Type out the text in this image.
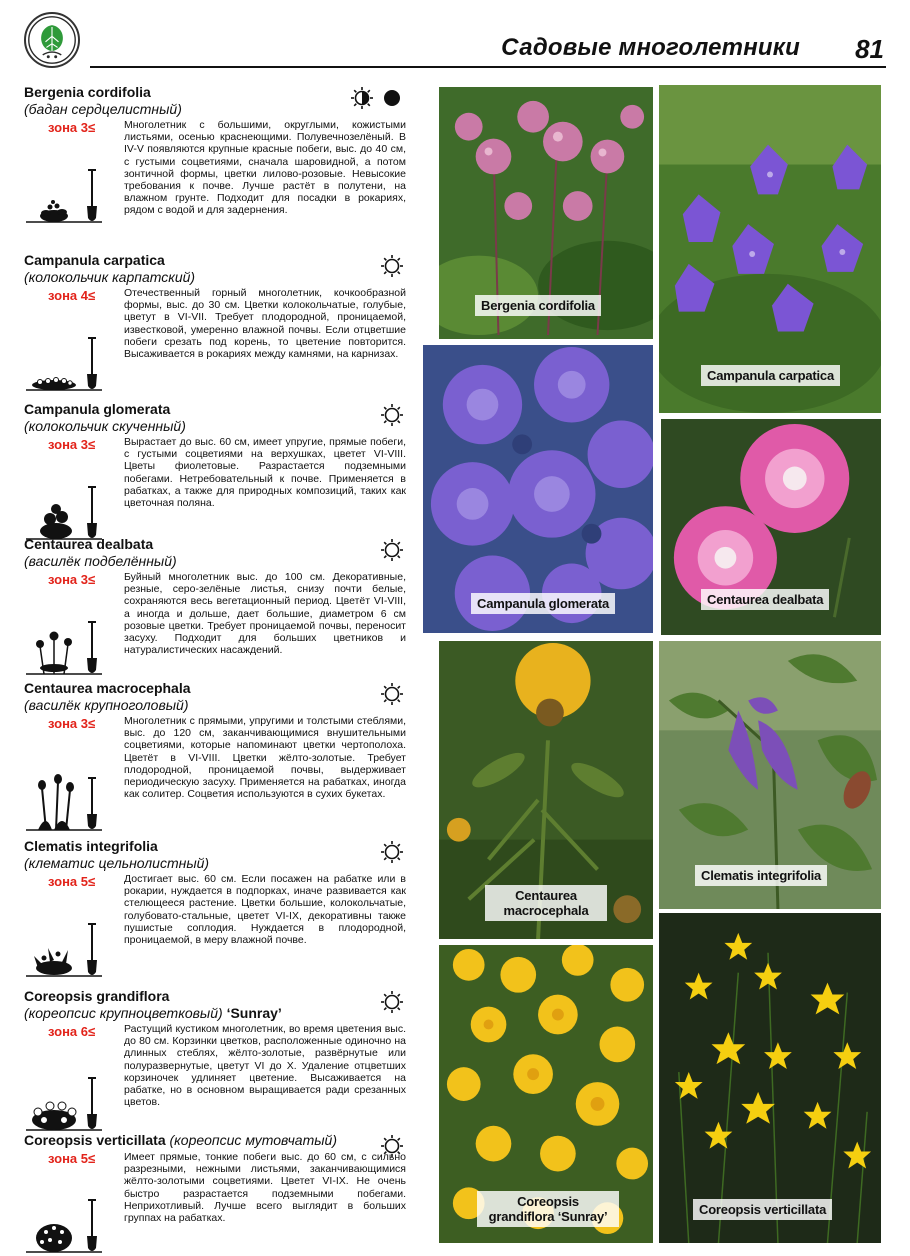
Садовые многолетники 81
Bergenia cordifolia
(бадан сердцелистный)
зона 3≤	Многолетник с большими, округлыми, кожистыми листьями, осенью краснеющими. Полувечнозелёный. В IV-V появляются крупные красные побеги, выс. до 40 см, с густыми соцветиями, сначала шаровидной, а потом зонтичной формы, цветки лилово-розовые. Невысокие требования к почве. Лучше растёт в полутени, на влажном грунте. Подходит для посадки в рокариях, рядом с водой и для задернения.
Campanula carpatica
(колокольчик карпатский)
зона 4≤	Отечественный горный многолетник, кочкообразной формы, выс. до 30 см. Цветки колокольчатые, голубые, цветут в VI-VII. Требует плодородной, проницаемой, известковой, умеренно влажной почвы. Если отцветшие побеги срезать под корень, то цветение повторится. Высаживается в рокариях между камнями, на карнизах.
Campanula glomerata
(колокольчик скученный)
зона 3≤	Вырастает до выс. 60 см, имеет упругие, прямые побеги, с густыми соцветиями на верхушках, цветет VI-VIII. Цветы фиолетовые. Разрастается подземными побегами. Нетребовательный к почве. Применяется в рабатках, а также для природных композиций, таких как цветочная поляна.
Centaurea dealbata
(василёк подбелённый)
зона 3≤	Буйный многолетник выс. до 100 см. Декоративные, резные, серо-зелёные листья, снизу почти белые, сохраняются весь вегетационный период. Цветёт VI-VIII, а иногда и дольше, дает большие, диаметром 6 см розовые цветки. Требует проницаемой почвы, переносит засуху. Подходит для больших цветников и натуралистических насаждений.
Centaurea macrocephala
(василёк крупноголовый)
зона 3≤	Многолетник с прямыми, упругими и толстыми стеблями, выс. до 120 см, заканчивающимися внушительными соцветиями, которые напоминают цветки чертополоха. Цветёт в VI-VIII. Цветки жёлто-золотые. Требует плодородной, проницаемой почвы, выдерживает периодическую засуху. Применяется на рабатках, иногда как солитер. Соцветия используются в сухих букетах.
Clematis integrifolia
(клематис цельнолистный)
зона 5≤	Достигает выс. 60 см. Если посажен на рабатке или в рокарии, нуждается в подпорках, иначе развивается как стелющееся растение. Цветки большие, колокольчатые, голубовато-стальные, цветет VI-IX, декоративны также пушистые соплодия. Нуждается в плодородной, проницаемой, в меру влажной почве.
Coreopsis grandiflora
(кореопсис крупноцветковый) ‘Sunray’
зона 6≤	Растущий кустиком многолетник, во время цветения выс. до 80 см. Корзинки цветков, расположенные одиночно на длинных стеблях, жёлто-золотые, развёрнутые или полуразвернутые, цветут VI до X. Удаление отцветших корзиночек удлиняет цветение. Высаживается на рабатке, но в основном выращивается ради срезанных цветов.
Coreopsis verticillata (кореопсис мутовчатый)
зона 5≤	Имеет прямые, тонкие побеги выс. до 60 см, с сильно разрезными, нежными листьями, заканчивающимися жёлто-золотыми соцветиями. Цветет VI-IX. Не очень быстро разрастается подземными побегами. Неприхотливый. Лучше всего выглядит в больших группах на рабатках.
Bergenia cordifolia
Campanula carpatica
Campanula glomerata	Centaurea dealbata
Centaurea macrocephala
Clematis integrifolia
Coreopsis grandiflora ‘Sunray’	Coreopsis verticillata
